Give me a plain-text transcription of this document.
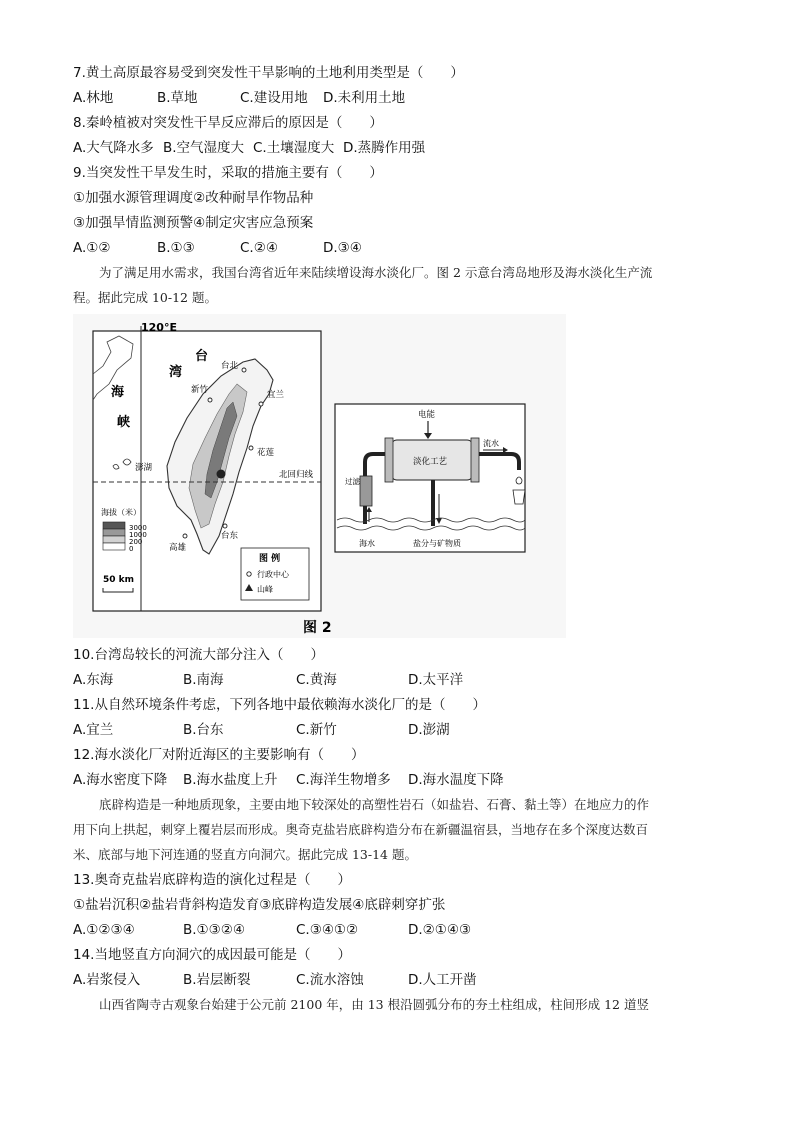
7.黄土高原最容易受到突发性干旱影响的土地利用类型是（　　）
A.林地	B.草地	C.建设用地 D.未利用土地
8.秦岭植被对突发性干旱反应滞后的原因是（　　）
A.大气降水多 B.空气湿度大 C.土壤湿度大 D.蒸腾作用强
9.当突发性干旱发生时，采取的措施主要有（　　）
①加强水源管理调度②改种耐旱作物品种
③加强旱情监测预警④制定灾害应急预案
A.①②	B.①③	C.②④	D.③④
为了满足用水需求，我国台湾省近年来陆续增设海水淡化厂。图 2 示意台湾岛地形及海水淡化生产流
程。据此完成 10-12 题。
120°E
台
湾
海
峡
北回归线
台北
新竹	宜兰
花莲
澎湖
高雄
台东
海拔（米）
3000
1000
200
0
50 km
图 例
行政中心
山峰
电能
淡化工艺
流水
过滤
海水	盐分与矿物质
图 2
10.台湾岛较长的河流大部分注入（　　）
A.东海	B.南海	C.黄海	D.太平洋
11.从自然环境条件考虑，下列各地中最依赖海水淡化厂的是（　　）
A.宜兰	B.台东	C.新竹	D.澎湖
12.海水淡化厂对附近海区的主要影响有（　　）
A.海水密度下降 B.海水盐度上升 C.海洋生物增多 D.海水温度下降
底辟构造是一种地质现象，主要由地下较深处的高塑性岩石（如盐岩、石膏、黏土等）在地应力的作
用下向上拱起，刺穿上覆岩层而形成。奥奇克盐岩底辟构造分布在新疆温宿县，当地存在多个深度达数百
米、底部与地下河连通的竖直方向洞穴。据此完成 13-14 题。
13.奥奇克盐岩底辟构造的演化过程是（　　）
①盐岩沉积②盐岩背斜构造发育③底辟构造发展④底辟刺穿扩张
A.①②③④	B.①③②④	C.③④①②	D.②①④③
14.当地竖直方向洞穴的成因最可能是（　　）
A.岩浆侵入	B.岩层断裂	C.流水溶蚀	D.人工开凿
山西省陶寺古观象台始建于公元前 2100 年，由 13 根沿圆弧分布的夯土柱组成，柱间形成 12 道竖
